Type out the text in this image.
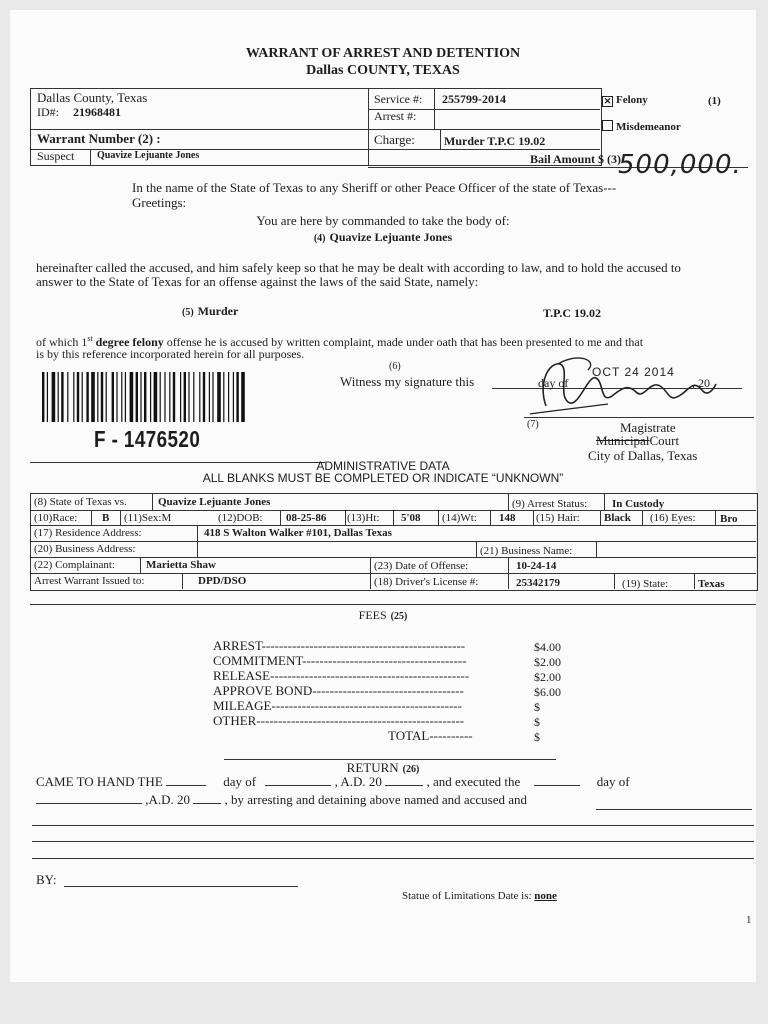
WARRANT OF ARREST AND DETENTION
Dallas COUNTY, TEXAS
Dallas County, Texas
ID#: 21968481
Service #: 255799-2014
Arrest #:
✕ Felony	(1)
Misdemeanor
Warrant Number (2) :	Charge: Murder T.P.C 19.02
Suspect Quavize Lejuante Jones	Bail Amount $ (3)
500,000.
In the name of the State of Texas to any Sheriff or other Peace Officer of the state of Texas---
Greetings:
You are here by commanded to take the body of:
(4) Quavize Lejuante Jones
hereinafter called the accused, and him safely keep so that he may be dealt with according to law, and to hold the accused to
answer to the State of Texas for an offense against the laws of the said State, namely:
(5) Murder	T.P.C 19.02
of which 1st degree felony offense he is accused by written complaint, made under oath that has been presented to me and that
is by this reference incorporated herein for all purposes.
(6)
Witness my signature this	day of
OCT 24 2014
, 20
(7)	Magistrate
MunicipalCourt
City of Dallas, Texas
F - 1476520
ADMINISTRATIVE DATA
ALL BLANKS MUST BE COMPLETED OR INDICATE “UNKNOWN”
(8) State of Texas vs.	Quavize Lejuante Jones	(9) Arrest Status: In Custody
(10)Race: B (11)Sex:M	(12)DOB: 08-25-86 (13)Ht: 5'08 (14)Wt: 148 (15) Hair: Black (16) Eyes: Bro
(17) Residence Address:	418 S Walton Walker #101, Dallas Texas
(20) Business Address:	(21) Business Name:
(22) Complainant:	Marietta Shaw	(23) Date of Offense:	10-24-14
Arrest Warrant Issued to:	DPD/DSO	(18) Driver's License #:	25342179	(19) State:	Texas
FEES (25)
ARREST-----------------------------------------------	$4.00
COMMITMENT--------------------------------------	$2.00
RELEASE----------------------------------------------	$2.00
APPROVE BOND-----------------------------------	$6.00
MILEAGE--------------------------------------------	$
OTHER------------------------------------------------	$
TOTAL----------	$
RETURN (26)
CAME TO HAND THE	day of	, A.D. 20	, and executed the	day of
,A.D. 20	, by arresting and detaining above named and accused and
BY:
Statue of Limitations Date is: none
1
